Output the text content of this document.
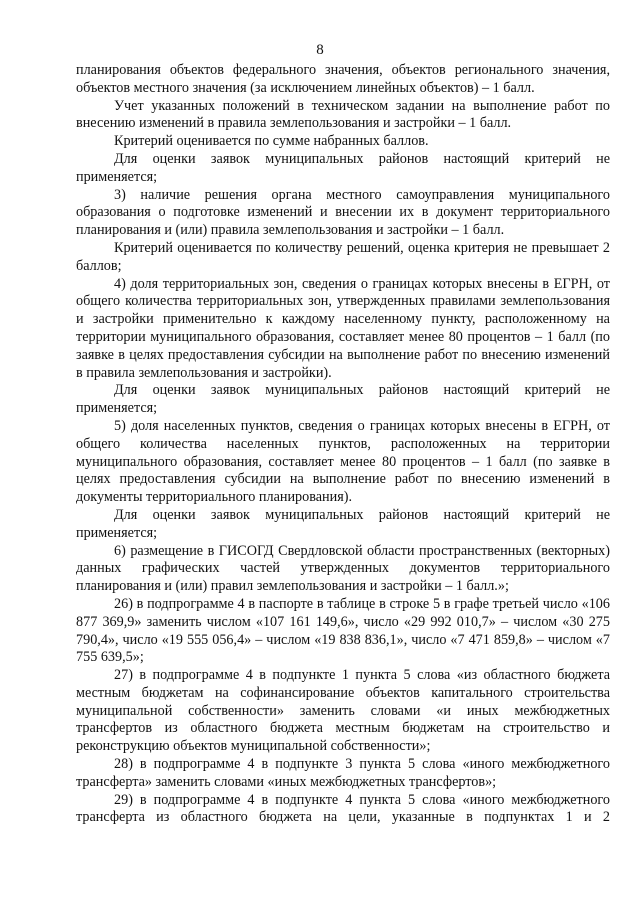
8

планирования объектов федерального значения, объектов регионального значения, объектов местного значения (за исключением линейных объектов) – 1 балл.

Учет указанных положений в техническом задании на выполнение работ по внесению изменений в правила землепользования и застройки – 1 балл.

Критерий оценивается по сумме набранных баллов.

Для оценки заявок муниципальных районов настоящий критерий не применяется;

3) наличие решения органа местного самоуправления муниципального образования о подготовке изменений и внесении их в документ территориального планирования и (или) правила землепользования и застройки – 1 балл.

Критерий оценивается по количеству решений, оценка критерия не превышает 2 баллов;

4) доля территориальных зон, сведения о границах которых внесены в ЕГРН, от общего количества территориальных зон, утвержденных правилами землепользования и застройки применительно к каждому населенному пункту, расположенному на территории муниципального образования, составляет менее 80 процентов – 1 балл (по заявке в целях предоставления субсидии на выполнение работ по внесению изменений в правила землепользования и застройки).

Для оценки заявок муниципальных районов настоящий критерий не применяется;

5) доля населенных пунктов, сведения о границах которых внесены в ЕГРН, от общего количества населенных пунктов, расположенных на территории муниципального образования, составляет менее 80 процентов – 1 балл (по заявке в целях предоставления субсидии на выполнение работ по внесению изменений в документы территориального планирования).

Для оценки заявок муниципальных районов настоящий критерий не применяется;

6) размещение в ГИСОГД Свердловской области пространственных (векторных) данных графических частей утвержденных документов территориального планирования и (или) правил землепользования и застройки – 1 балл.»;

26) в подпрограмме 4 в паспорте в таблице в строке 5 в графе третьей число «106 877 369,9» заменить числом «107 161 149,6», число «29 992 010,7» – числом «30 275 790,4», число «19 555 056,4» – числом «19 838 836,1», число «7 471 859,8» – числом «7 755 639,5»;

27) в подпрограмме 4 в подпункте 1 пункта 5 слова «из областного бюджета местным бюджетам на софинансирование объектов капитального строительства муниципальной собственности» заменить словами «и иных межбюджетных трансфертов из областного бюджета местным бюджетам на строительство и реконструкцию объектов муниципальной собственности»;

28) в подпрограмме 4 в подпункте 3 пункта 5 слова «иного межбюджетного трансферта» заменить словами «иных межбюджетных трансфертов»;

29) в подпрограмме 4 в подпункте 4 пункта 5 слова «иного межбюджетного трансферта из областного бюджета на цели, указанные в подпунктах 1 и 2
